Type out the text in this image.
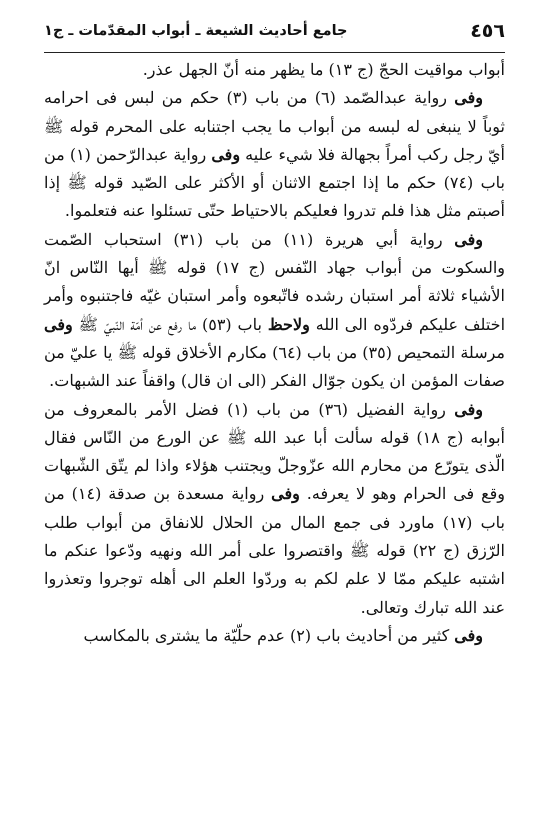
٤٥٦
جامع أحاديث الشيعة ـ أبواب المقدّمات ـ ج١

أبواب مواقيت الحجّ (ج ١٣) ما يظهر منه أنّ الجهل عذر.

وفى رواية عبدالصّمد (٦) من باب (٣) حكم من لبس فى احرامه ثوباً لا ينبغى له لبسه من أبواب ما يجب اجتنابه على المحرم قوله ﷺ أيّ رجل ركب أمراً بجهالة فلا شيء عليه وفى رواية عبدالرّحمن (١) من باب (٧٤) حكم ما إذا اجتمع الاثنان أو الأكثر على الصّيد قوله ﷺ إذا أصبتم مثل هذا فلم تدروا فعليكم بالاحتياط حتّى تسئلوا عنه فتعلموا.

وفى رواية أبي هريرة (١١) من باب (٣١) استحباب الصّمت والسكوت من أبواب جهاد النّفس (ج ١٧) قوله ﷺ أيها النّاس انّ الأشياء ثلاثة أمر استبان رشده فاتّبعوه وأمر استبان غيّه فاجتنبوه وأمر اختلف عليكم فردّوه الى الله ولاحظ باب (٥٣) ما رفع عن أمّة النّبيّ ﷺ وفى مرسلة التمحيص (٣٥) من باب (٦٤) مكارم الأخلاق قوله ﷺ يا عليّ من صفات المؤمن ان يكون جوّال الفكر (الى ان قال) واقفاً عند الشبهات.

وفى رواية الفضيل (٣٦) من باب (١) فضل الأمر بالمعروف من أبوابه (ج ١٨) قوله سألت أبا عبد الله ﷺ عن الورع من النّاس فقال الّذى يتورّع من محارم الله عزّوجلّ ويجتنب هؤلاء واذا لم يتّق الشّبهات وقع فى الحرام وهو لا يعرفه. وفى رواية مسعدة بن صدقة (١٤) من باب (١٧) ماورد فى جمع المال من الحلال للانفاق من أبواب طلب الرّزق (ج ٢٢) قوله ﷺ واقتصروا على أمر الله ونهيه ودّعوا عنكم ما اشتبه عليكم ممّا لا علم لكم به وردّوا العلم الى أهله توجروا وتعذروا عند الله تبارك وتعالى.

وفى كثير من أحاديث باب (٢) عدم حلّيّة ما يشترى بالمكاسب
